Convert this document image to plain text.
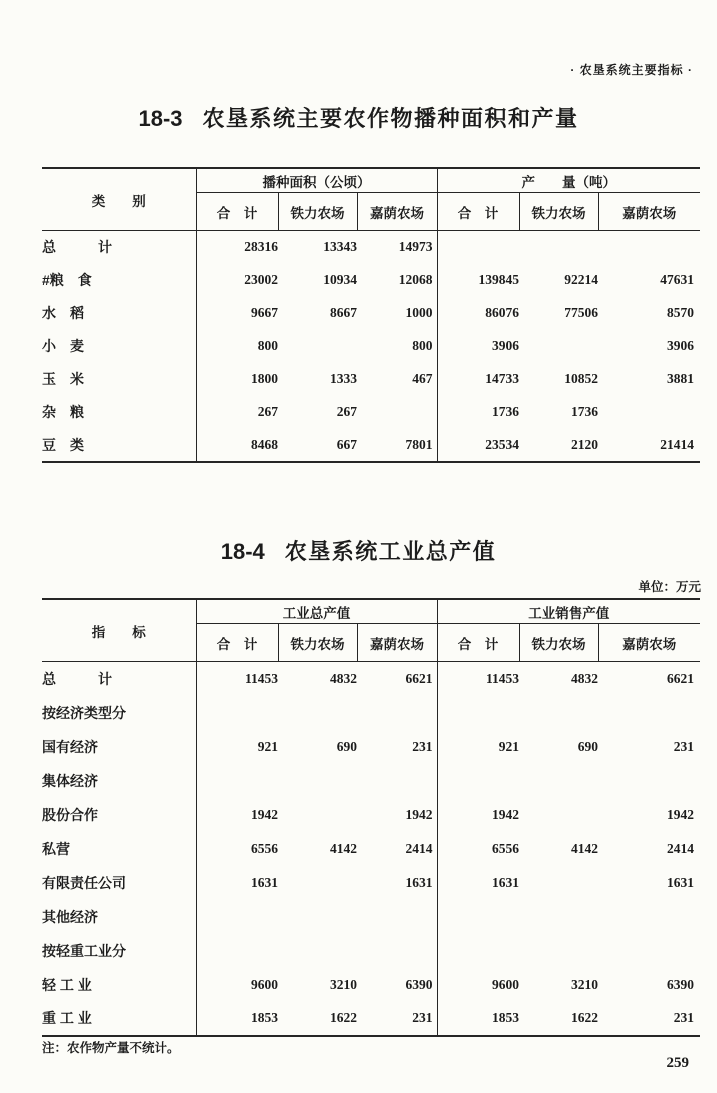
· 农垦系统主要指标 ·
18-3 农垦系统主要农作物播种面积和产量
类　　别	播种面积（公顷）			产　　量（吨）		
	合　计	铁力农场	嘉荫农场	合　计	铁力农场	嘉荫农场
总　　　计	28316	13343	14973			
#粮　食	23002	10934	12068	139845	92214	47631
水　稻	9667	8667	1000	86076	77506	8570
小　麦	800		800	3906		3906
玉　米	1800	1333	467	14733	10852	3881
杂　粮	267	267		1736	1736	
豆　类	8468	667	7801	23534	2120	21414
18-4 农垦系统工业总产值
单位：万元
指　　标	工业总产值			工业销售产值		
	合　计	铁力农场	嘉荫农场	合　计	铁力农场	嘉荫农场
总　　　计	11453	4832	6621	11453	4832	6621
按经济类型分						
国有经济	921	690	231	921	690	231
集体经济						
股份合作	1942		1942	1942		1942
私营	6556	4142	2414	6556	4142	2414
有限责任公司	1631		1631	1631		1631
其他经济						
按轻重工业分						
轻 工 业	9600	3210	6390	9600	3210	6390
重 工 业	1853	1622	231	1853	1622	231
注：农作物产量不统计。
259
